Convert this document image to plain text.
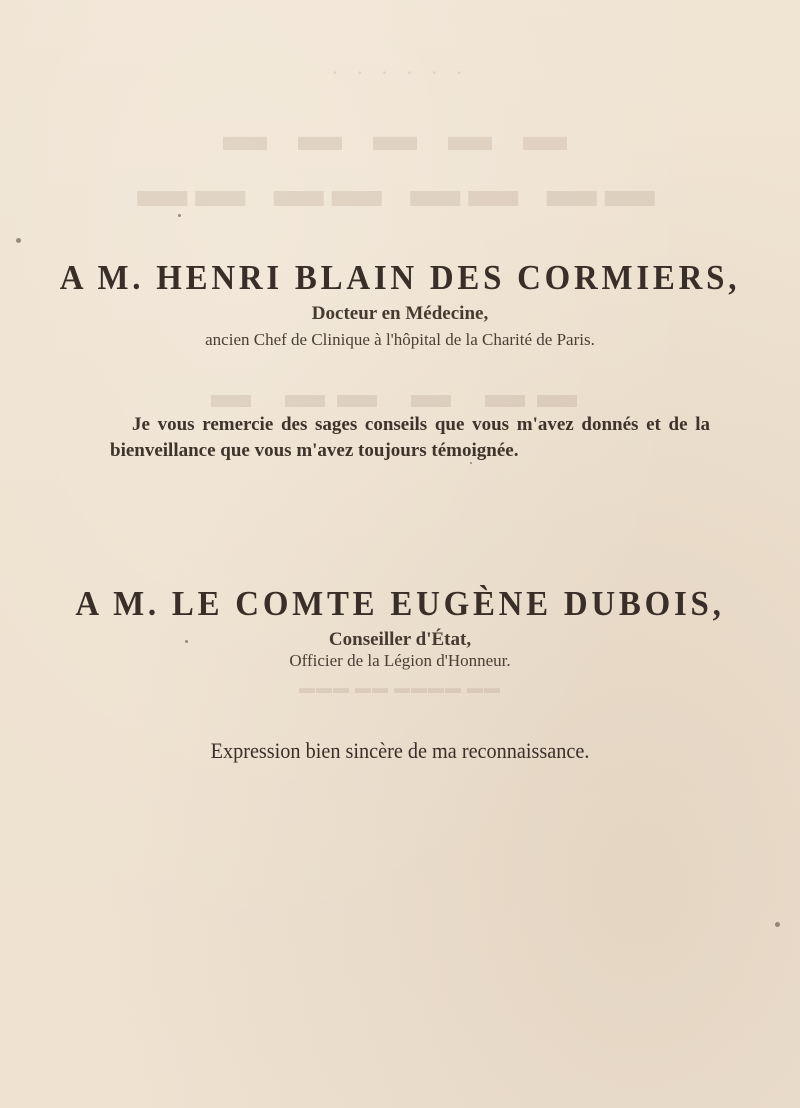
· · · · · ·
▬ ▬ ▬ ▬ ▬
▬▬ ▬▬ ▬▬ ▬▬
▬ ▬▬ ▬ ▬▬
▬▬▬ ▬▬ ▬▬▬▬ ▬▬
A M. HENRI BLAIN DES CORMIERS,
Docteur en Médecine,
ancien Chef de Clinique à l'hôpital de la Charité de Paris.
Je vous remercie des sages conseils que vous m'avez donnés et de la bienveillance que vous m'avez toujours témoignée.
A M. LE COMTE EUGÈNE DUBOIS,
Conseiller d'État,
Officier de la Légion d'Honneur.
Expression bien sincère de ma reconnaissance.
